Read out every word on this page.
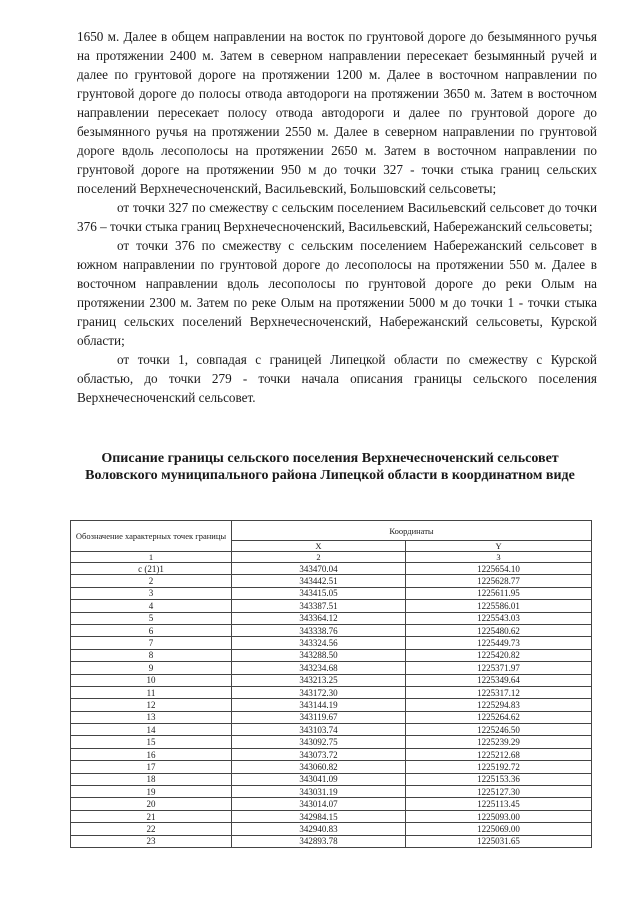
1650 м. Далее в общем направлении на восток по грунтовой дороге до безымянного ручья на протяжении 2400 м. Затем в северном направлении пересекает безымянный ручей и далее по грунтовой дороге на протяжении 1200 м. Далее в восточном направлении по грунтовой дороге до полосы отвода автодороги на протяжении 3650 м. Затем в восточном направлении пересекает полосу отвода автодороги и далее по грунтовой дороге до безымянного ручья на протяжении 2550 м. Далее в северном направлении по грунтовой дороге вдоль лесополосы на протяжении 2650 м. Затем в восточном направлении по грунтовой дороге на протяжении 950 м до точки 327 - точки стыка границ сельских поселений Верхнечесноченский, Васильевский, Большовский сельсоветы;

от точки 327 по смежеству с сельским поселением Васильевский сельсовет до точки 376 – точки стыка границ Верхнечесноченский, Васильевский, Набережанский сельсоветы;

от точки 376 по смежеству с сельским поселением Набережанский сельсовет в южном направлении по грунтовой дороге до лесополосы на протяжении 550 м. Далее в восточном направлении вдоль лесополосы по грунтовой дороге до реки Олым на протяжении 2300 м. Затем по реке Олым на протяжении 5000 м до точки 1 - точки стыка границ сельских поселений Верхнечесноченский, Набережанский сельсоветы, Курской области;

от точки 1, совпадая с границей Липецкой области по смежеству с Курской областью, до точки 279 - точки начала описания границы сельского поселения Верхнечесноченский сельсовет.

Описание границы сельского поселения Верхнечесноченский сельсовет Воловского муниципального района Липецкой области в координатном виде
Обозначение характерных точек границы	Координаты	
	X	Y
1	2	3
с (21)1	343470.04	1225654.10
2	343442.51	1225628.77
3	343415.05	1225611.95
4	343387.51	1225586.01
5	343364.12	1225543.03
6	343338.76	1225480.62
7	343324.56	1225449.73
8	343288.50	1225420.82
9	343234.68	1225371.97
10	343213.25	1225349.64
11	343172.30	1225317.12
12	343144.19	1225294.83
13	343119.67	1225264.62
14	343103.74	1225246.50
15	343092.75	1225239.29
16	343073.72	1225212.68
17	343060.82	1225192.72
18	343041.09	1225153.36
19	343031.19	1225127.30
20	343014.07	1225113.45
21	342984.15	1225093.00
22	342940.83	1225069.00
23	342893.78	1225031.65
